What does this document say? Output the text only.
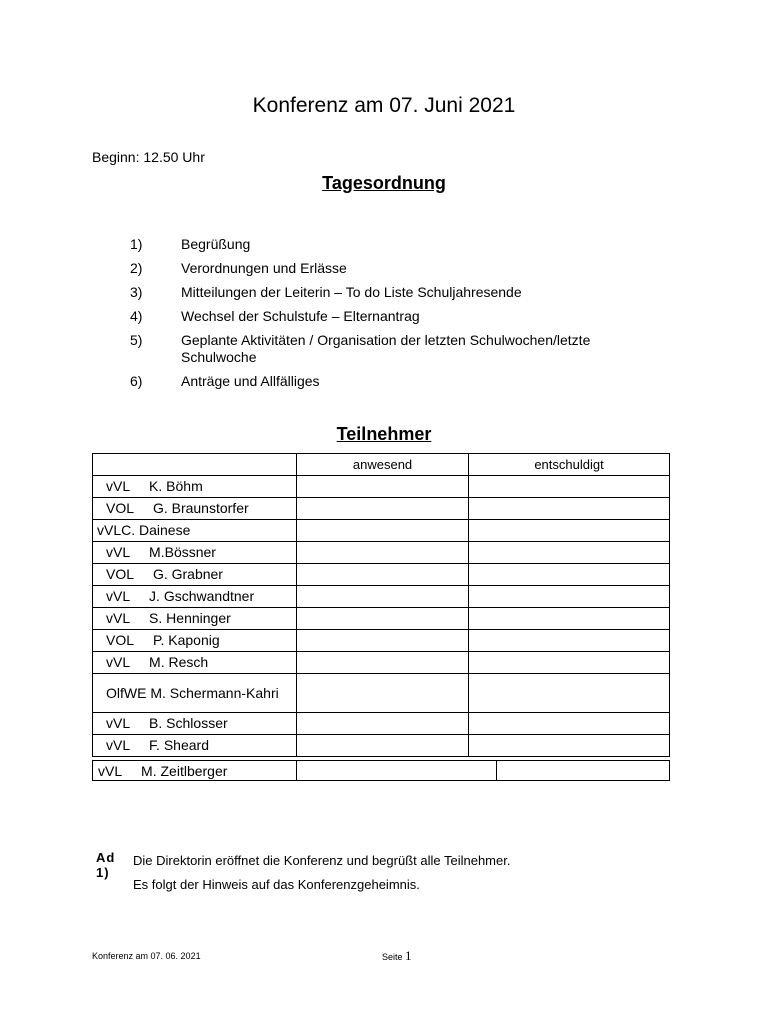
Konferenz am 07. Juni 2021
Beginn: 12.50 Uhr
Tagesordnung
1)	Begrüßung
2)	Verordnungen und Erlässe
3)	Mitteilungen der Leiterin – To do Liste Schuljahresende
4)	Wechsel der Schulstufe – Elternantrag
5)	Geplante Aktivitäten / Organisation der letzten Schulwochen/letzte Schulwoche
6)	Anträge und Allfälliges
Teilnehmer
	anwesend	entschuldigt
vVL     K. Böhm		
VOL     G. Braunstorfer		
vVLC. Dainese		
vVL     M.Bössner		
VOL     G. Grabner		
vVL     J. Gschwandtner		
vVL     S. Henninger		
VOL     P. Kaponig		
vVL     M. Resch		
OlfWE M. Schermann-Kahri		
vVL     B. Schlosser		
vVL     F. Sheard		
vVL     M. Zeitlberger
Ad 1)
Die Direktorin eröffnet die Konferenz und begrüßt alle Teilnehmer.
Es folgt der Hinweis auf das Konferenzgeheimnis.
Konferenz am 07. 06. 2021	Seite 1
